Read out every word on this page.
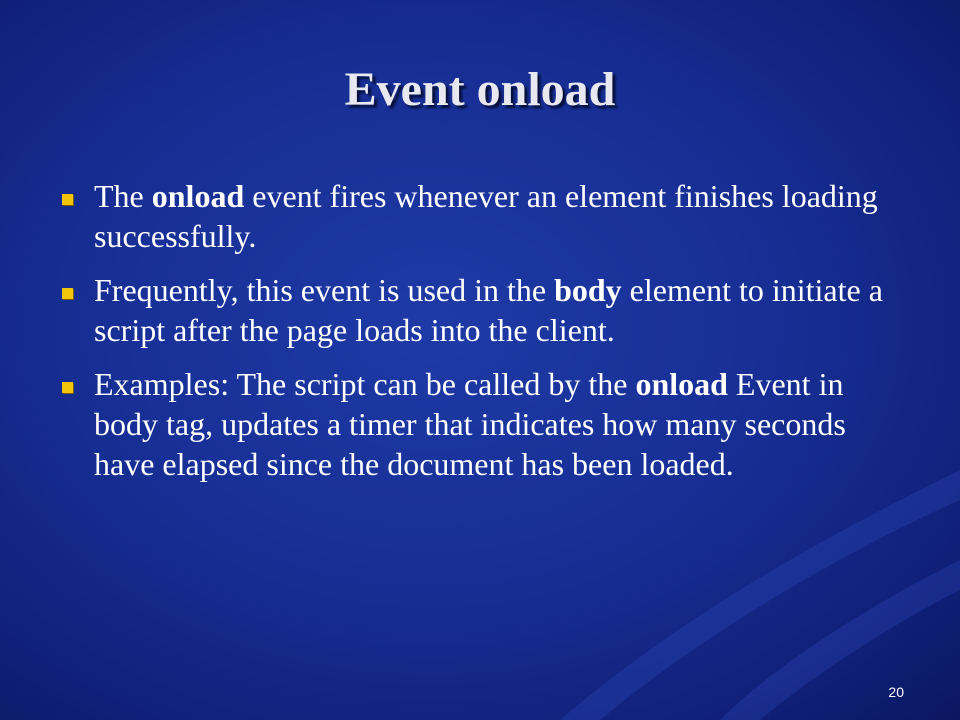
Event onload
The onload event fires whenever an element finishes loading successfully.
Frequently, this event is used in the body element to initiate a script after the page loads into the client.
Examples: The script can be called by the onload Event in body tag, updates a timer that indicates how many seconds have elapsed since the document has been loaded.
20
